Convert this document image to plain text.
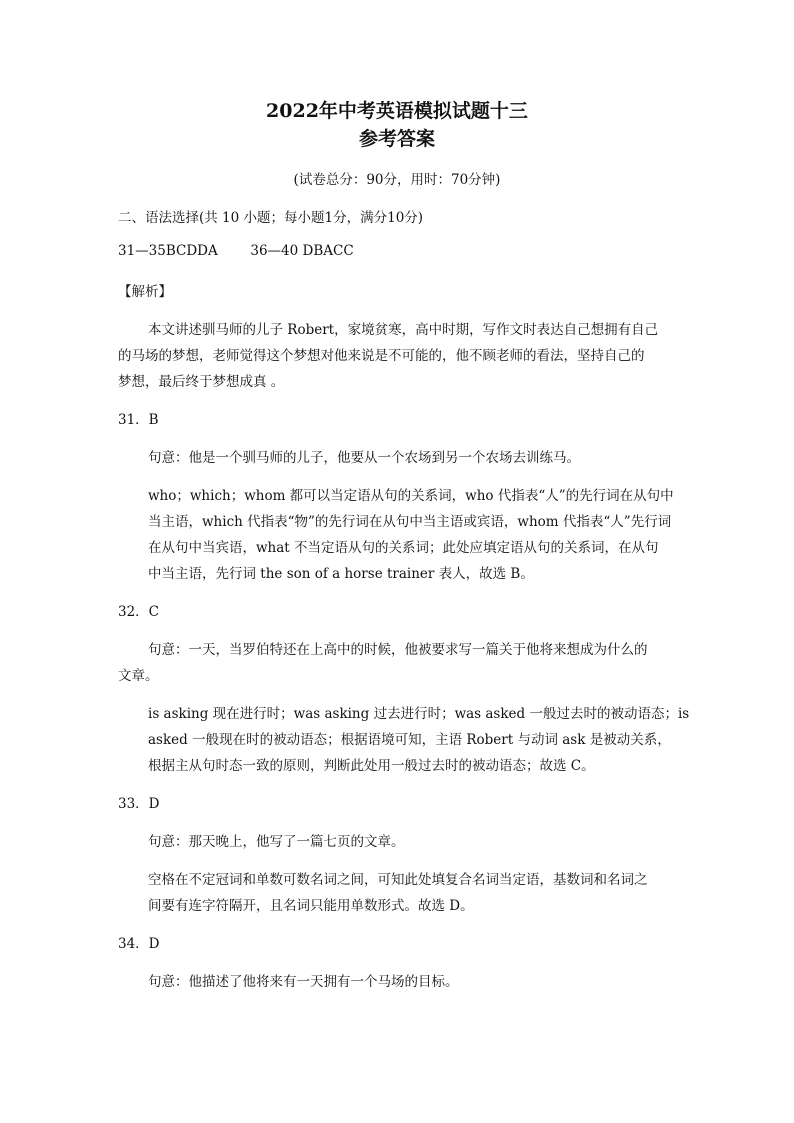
2022年中考英语模拟试题十三
参考答案
(试卷总分：90分，用时：70分钟)
二、语法选择(共 10 小题；每小题1分，满分10分)
31—35BCDDA 36—40 DBACC
【解析】
本文讲述驯马师的儿子 Robert，家境贫寒，高中时期，写作文时表达自己想拥有自己
的马场的梦想，老师觉得这个梦想对他来说是不可能的，他不顾老师的看法，坚持自己的
梦想，最后终于梦想成真 。
31．B
句意：他是一个驯马师的儿子，他要从一个农场到另一个农场去训练马。
who；which；whom 都可以当定语从句的关系词，who 代指表“人”的先行词在从句中
当主语，which 代指表“物”的先行词在从句中当主语或宾语，whom 代指表“人”先行词
在从句中当宾语，what 不当定语从句的关系词；此处应填定语从句的关系词，在从句
中当主语，先行词 the son of a horse trainer 表人，故选 B。
32．C
句意：一天，当罗伯特还在上高中的时候，他被要求写一篇关于他将来想成为什么的
文章。
is asking 现在进行时；was asking 过去进行时；was asked 一般过去时的被动语态；is
asked 一般现在时的被动语态；根据语境可知，主语 Robert 与动词 ask 是被动关系，
根据主从句时态一致的原则，判断此处用一般过去时的被动语态；故选 C。
33．D
句意：那天晚上，他写了一篇七页的文章。
空格在不定冠词和单数可数名词之间，可知此处填复合名词当定语，基数词和名词之
间要有连字符隔开，且名词只能用单数形式。故选 D。
34．D
句意：他描述了他将来有一天拥有一个马场的目标。
